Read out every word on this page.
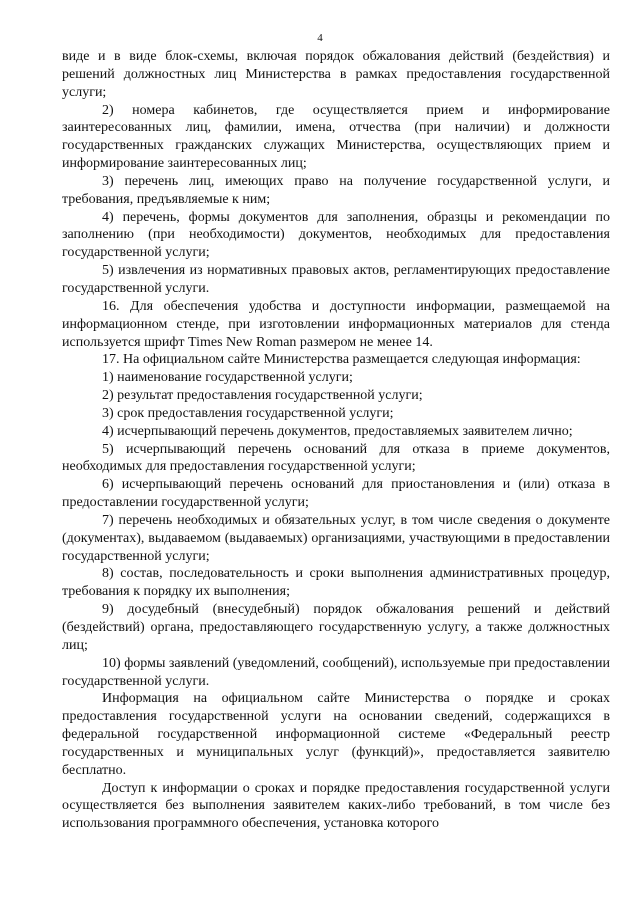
4

виде и в виде блок-схемы, включая порядок обжалования действий (бездействия) и решений должностных лиц Министерства в рамках предоставления государственной услуги;

2) номера кабинетов, где осуществляется прием и информирование заинтересованных лиц, фамилии, имена, отчества (при наличии) и должности государственных гражданских служащих Министерства, осуществляющих прием и информирование заинтересованных лиц;

3) перечень лиц, имеющих право на получение государственной услуги, и требования, предъявляемые к ним;

4) перечень, формы документов для заполнения, образцы и рекомендации по заполнению (при необходимости) документов, необходимых для предоставления государственной услуги;

5) извлечения из нормативных правовых актов, регламентирующих предоставление государственной услуги.

16. Для обеспечения удобства и доступности информации, размещаемой на информационном стенде, при изготовлении информационных материалов для стенда используется шрифт Times New Roman размером не менее 14.

17. На официальном сайте Министерства размещается следующая информация:

1) наименование государственной услуги;

2) результат предоставления государственной услуги;

3) срок предоставления государственной услуги;

4) исчерпывающий перечень документов, предоставляемых заявителем лично;

5) исчерпывающий перечень оснований для отказа в приеме документов, необходимых для предоставления государственной услуги;

6) исчерпывающий перечень оснований для приостановления и (или) отказа в предоставлении государственной услуги;

7) перечень необходимых и обязательных услуг, в том числе сведения о документе (документах), выдаваемом (выдаваемых) организациями, участвующими в предоставлении государственной услуги;

8) состав, последовательность и сроки выполнения административных процедур, требования к порядку их выполнения;

9) досудебный (внесудебный) порядок обжалования решений и действий (бездействий) органа, предоставляющего государственную услугу, а также должностных лиц;

10) формы заявлений (уведомлений, сообщений), используемые при предоставлении государственной услуги.

Информация на официальном сайте Министерства о порядке и сроках предоставления государственной услуги на основании сведений, содержащихся в федеральной государственной информационной системе «Федеральный реестр государственных и муниципальных услуг (функций)», предоставляется заявителю бесплатно.

Доступ к информации о сроках и порядке предоставления государственной услуги осуществляется без выполнения заявителем каких-либо требований, в том числе без использования программного обеспечения, установка которого
